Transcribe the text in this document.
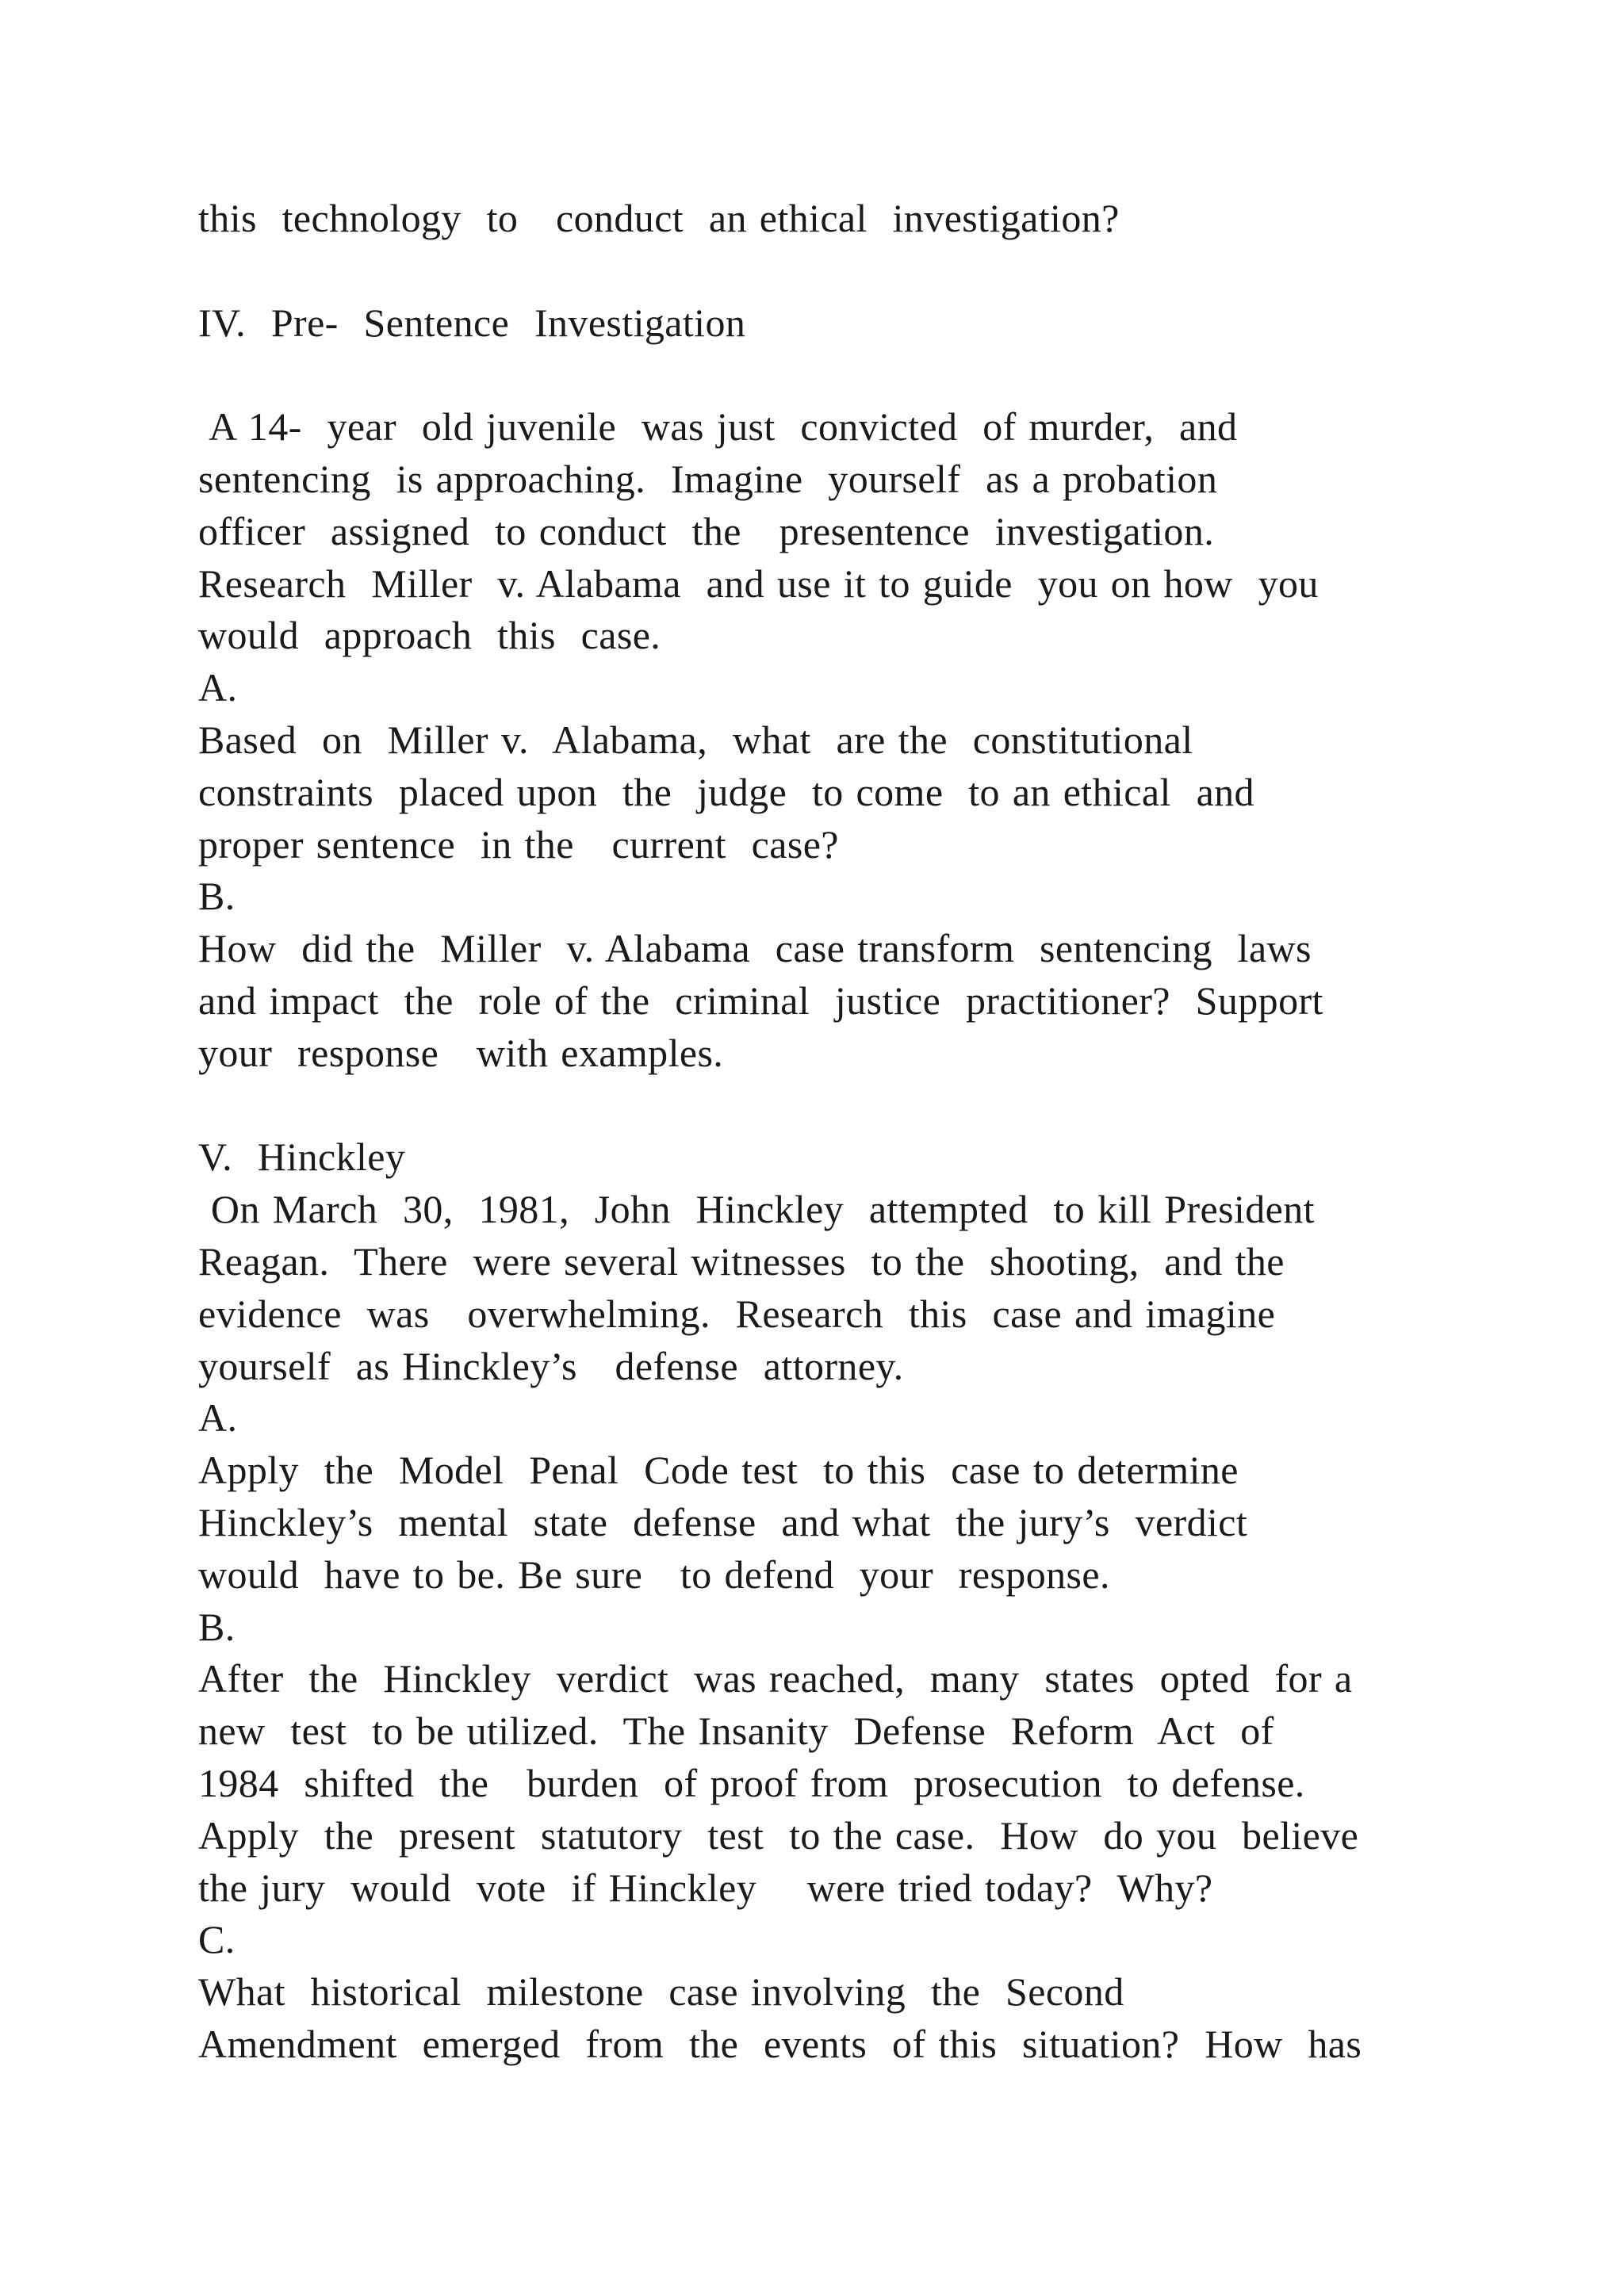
this  technology  to   conduct  an ethical  investigation?
IV.  Pre-  Sentence  Investigation
A 14-  year  old juvenile  was just  convicted  of murder,  and
sentencing  is approaching.  Imagine  yourself  as a probation
officer  assigned  to conduct  the   presentence  investigation.
Research  Miller  v. Alabama  and use it to guide  you on how  you
would  approach  this  case.
A.
Based  on  Miller v.  Alabama,  what  are the  constitutional
constraints  placed upon  the  judge  to come  to an ethical  and
proper sentence  in the   current  case?
B.
How  did the  Miller  v. Alabama  case transform  sentencing  laws
and impact  the  role of the  criminal  justice  practitioner?  Support
your  response   with examples.
V.  Hinckley
On March  30,  1981,  John  Hinckley  attempted  to kill President
Reagan.  There  were several witnesses  to the  shooting,  and the
evidence  was   overwhelming.  Research  this  case and imagine
yourself  as Hinckley’s   defense  attorney.
A.
Apply  the  Model  Penal  Code test  to this  case to determine
Hinckley’s  mental  state  defense  and what  the jury’s  verdict
would  have to be. Be sure   to defend  your  response.
B.
After  the  Hinckley  verdict  was reached,  many  states  opted  for a
new  test  to be utilized.  The Insanity  Defense  Reform  Act  of
1984  shifted  the   burden  of proof from  prosecution  to defense.
Apply  the  present  statutory  test  to the case.  How  do you  believe
the jury  would  vote  if Hinckley    were tried today?  Why?
C.
What  historical  milestone  case involving  the  Second
Amendment  emerged  from  the  events  of this  situation?  How  has
